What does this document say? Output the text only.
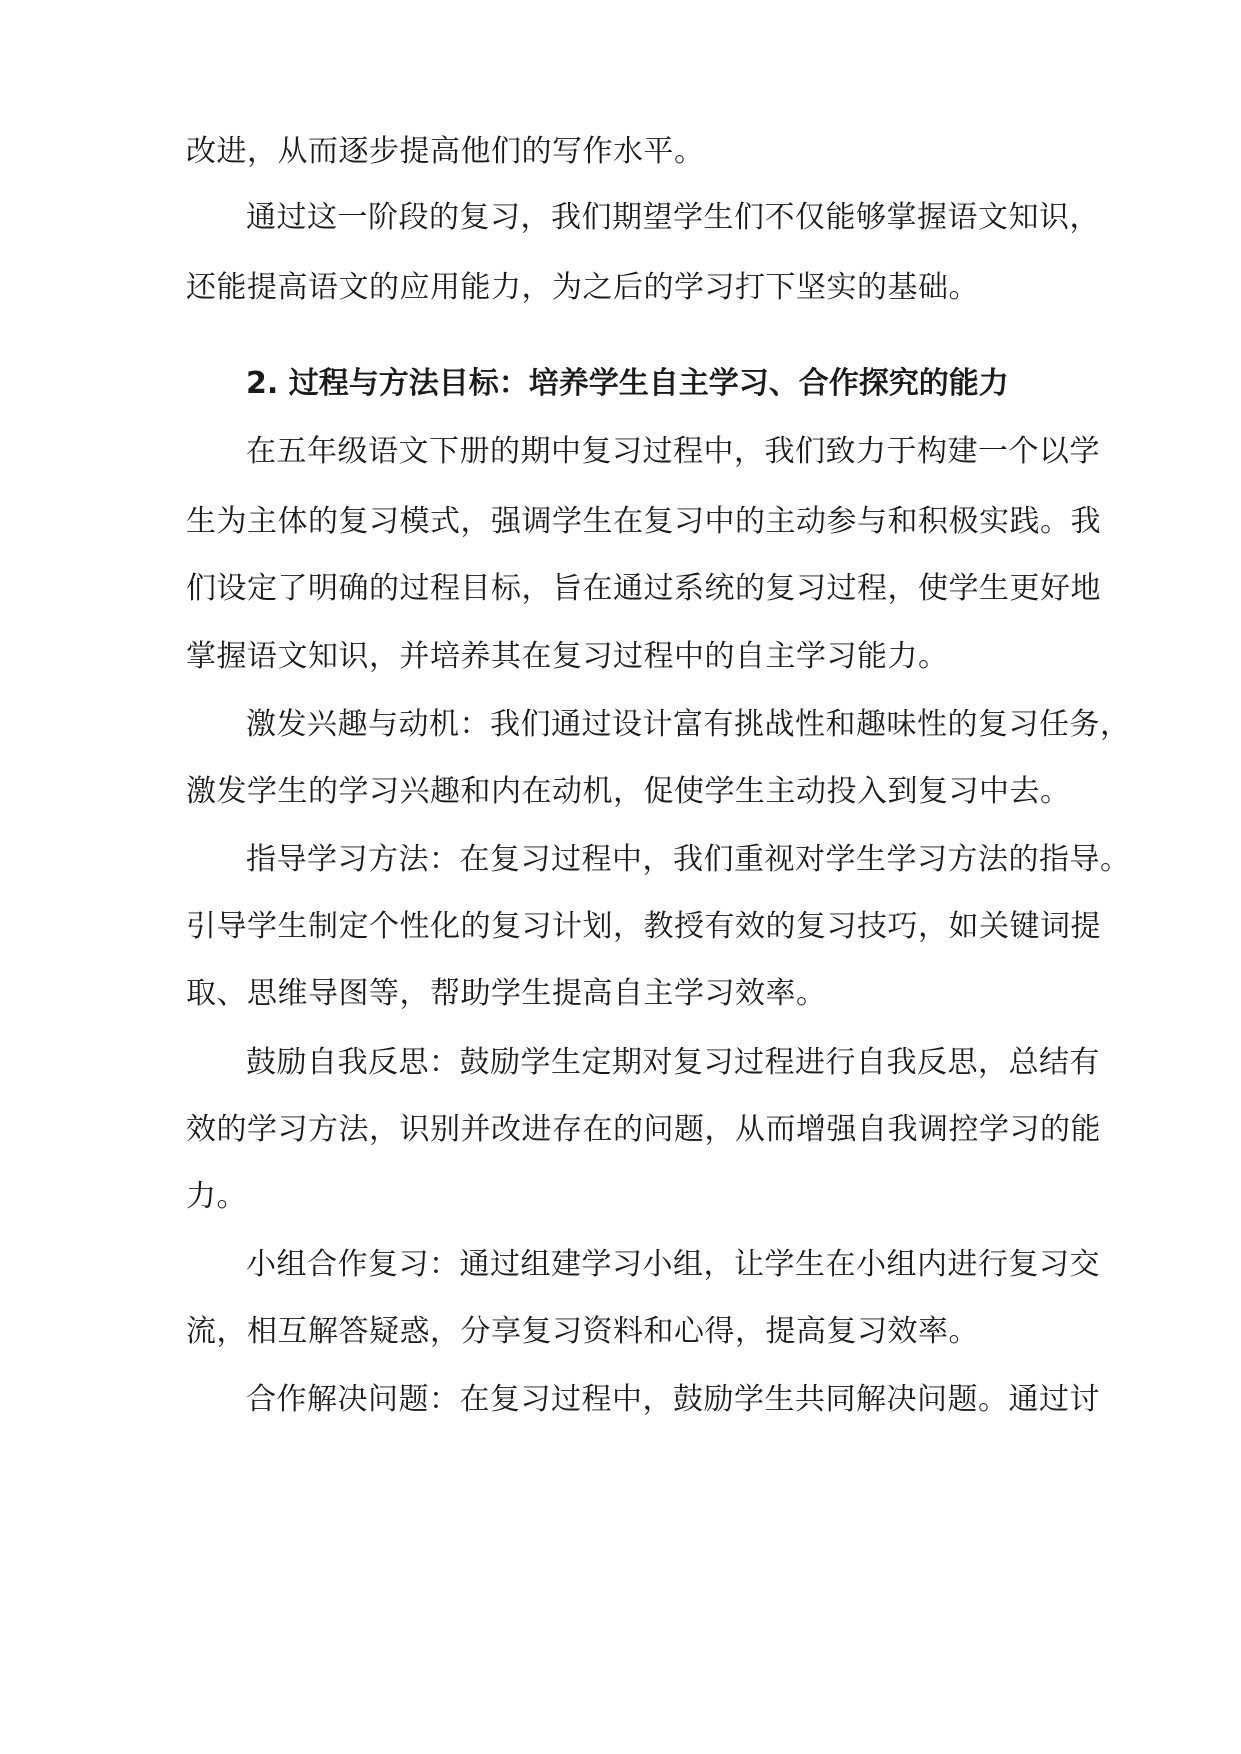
改进，从而逐步提高他们的写作水平。
通过这一阶段的复习，我们期望学生们不仅能够掌握语文知识，
还能提高语文的应用能力，为之后的学习打下坚实的基础。
2. 过程与方法目标：培养学生自主学习、合作探究的能力
在五年级语文下册的期中复习过程中，我们致力于构建一个以学
生为主体的复习模式，强调学生在复习中的主动参与和积极实践。我
们设定了明确的过程目标，旨在通过系统的复习过程，使学生更好地
掌握语文知识，并培养其在复习过程中的自主学习能力。
激发兴趣与动机：我们通过设计富有挑战性和趣味性的复习任务，
激发学生的学习兴趣和内在动机，促使学生主动投入到复习中去。
指导学习方法：在复习过程中，我们重视对学生学习方法的指导。
引导学生制定个性化的复习计划，教授有效的复习技巧，如关键词提
取、思维导图等，帮助学生提高自主学习效率。
鼓励自我反思：鼓励学生定期对复习过程进行自我反思，总结有
效的学习方法，识别并改进存在的问题，从而增强自我调控学习的能
力。
小组合作复习：通过组建学习小组，让学生在小组内进行复习交
流，相互解答疑惑，分享复习资料和心得，提高复习效率。
合作解决问题：在复习过程中，鼓励学生共同解决问题。通过讨
